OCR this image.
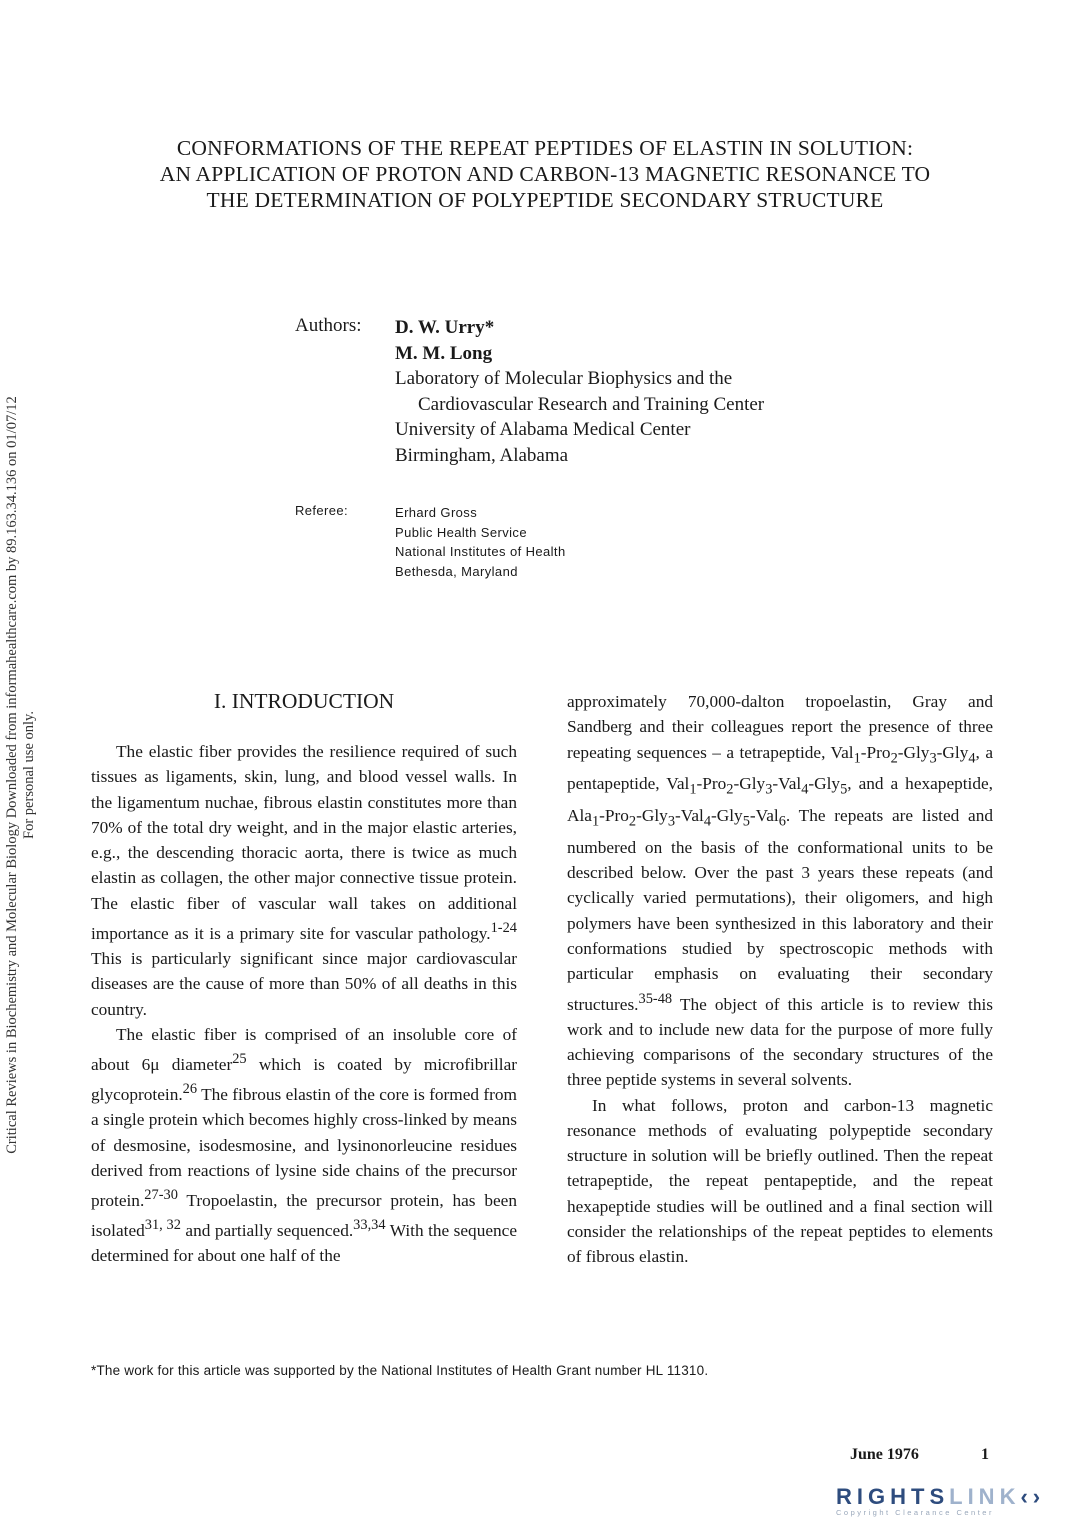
Critical Reviews in Biochemistry and Molecular Biology Downloaded from informahealthcare.com by 89.163.34.136 on 01/07/12 For personal use only.
CONFORMATIONS OF THE REPEAT PEPTIDES OF ELASTIN IN SOLUTION:
AN APPLICATION OF PROTON AND CARBON-13 MAGNETIC RESONANCE TO
THE DETERMINATION OF POLYPEPTIDE SECONDARY STRUCTURE
Authors: D. W. Urry*
M. M. Long
Laboratory of Molecular Biophysics and the
Cardiovascular Research and Training Center
University of Alabama Medical Center
Birmingham, Alabama
Referee:	Erhard Gross
Public Health Service
National Institutes of Health
Bethesda, Maryland
I. INTRODUCTION

The elastic fiber provides the resilience required of such tissues as ligaments, skin, lung, and blood vessel walls. In the ligamentum nuchae, fibrous elastin constitutes more than 70% of the total dry weight, and in the major elastic arteries, e.g., the descending thoracic aorta, there is twice as much elastin as collagen, the other major connective tissue protein. The elastic fiber of vascular wall takes on additional importance as it is a primary site for vascular pathology.$^{1-24}$ This is particularly significant since major cardiovascular diseases are the cause of more than 50% of all deaths in this country.

The elastic fiber is comprised of an insoluble core of about 6μ diameter$^{25}$ which is coated by microfibrillar glycoprotein.$^{26}$ The fibrous elastin of the core is formed from a single protein which becomes highly cross-linked by means of desmosine, isodesmosine, and lysinonorleucine residues derived from reactions of lysine side chains of the precursor protein.$^{27-30}$ Tropoelastin, the precursor protein, has been isolated$^{31, 32}$ and partially sequenced.$^{33,34}$ With the sequence determined for about one half of the

approximately 70,000-dalton tropoelastin, Gray and Sandberg and their colleagues report the presence of three repeating sequences – a tetrapeptide, Val$_1$-Pro$_2$-Gly$_3$-Gly$_4$, a pentapeptide, Val$_1$-Pro$_2$-Gly$_3$-Val$_4$-Gly$_5$, and a hexapeptide, Ala$_1$-Pro$_2$-Gly$_3$-Val$_4$-Gly$_5$-Val$_6$. The repeats are listed and numbered on the basis of the conformational units to be described below. Over the past 3 years these repeats (and cyclically varied permutations), their oligomers, and high polymers have been synthesized in this laboratory and their conformations studied by spectroscopic methods with particular emphasis on evaluating their secondary structures.$^{35-48}$ The object of this article is to review this work and to include new data for the purpose of more fully achieving comparisons of the secondary structures of the three peptide systems in several solvents.

In what follows, proton and carbon-13 magnetic resonance methods of evaluating polypeptide secondary structure in solution will be briefly outlined. Then the repeat tetrapeptide, the repeat pentapeptide, and the repeat hexapeptide studies will be outlined and a final section will consider the relationships of the repeat peptides to elements of fibrous elastin.

*The work for this article was supported by the National Institutes of Health Grant number HL 11310.
June 1976	1
RIGHTSLINK‹›
Copyright Clearance Center
